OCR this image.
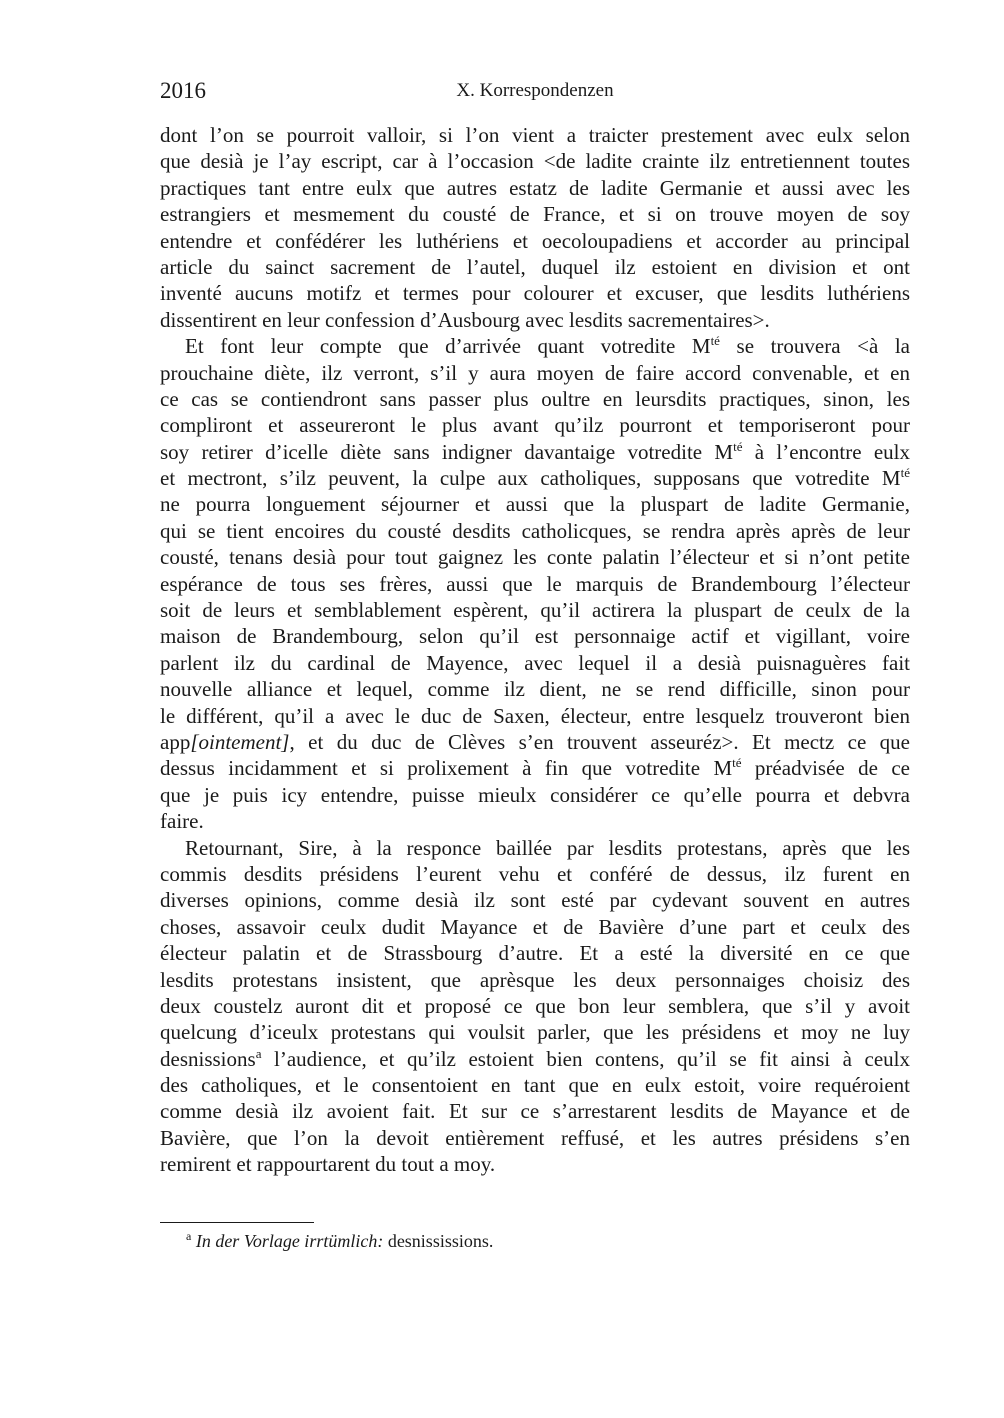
2016	X. Korrespondenzen
dont l’on se pourroit valloir, si l’on vient a traicter prestement avec eulx selon
que desià je l’ay escript, car à l’occasion <de ladite crainte ilz entretiennent toutes
practiques tant entre eulx que autres estatz de ladite Germanie et aussi avec les
estrangiers et mesmement du cousté de France, et si on trouve moyen de soy
entendre et confédérer les luthériens et oecoloupadiens et accorder au principal
article du sainct sacrement de l’autel, duquel ilz estoient en division et ont
inventé aucuns motifz et termes pour colourer et excuser, que lesdits luthériens
dissentirent en leur confession d’Ausbourg avec lesdits sacrementaires>.
Et font leur compte que d’arrivée quant votredite $M^{té}$ se trouvera <à la
prouchaine diète, ilz verront, s’il y aura moyen de faire accord convenable, et en
ce cas se contiendront sans passer plus oultre en leursdits practiques, sinon, les
compliront et asseureront le plus avant qu’ilz pourront et temporiseront pour
soy retirer d’icelle diète sans indigner davantaige votredite $M^{té}$ à l’encontre eulx
et mectront, s’ilz peuvent, la culpe aux catholiques, supposans que votredite $M^{té}$
ne pourra longuement séjourner et aussi que la pluspart de ladite Germanie,
qui se tient encoires du cousté desdits catholicques, se rendra après après de leur
cousté, tenans desià pour tout gaignez les conte palatin l’électeur et si n’ont petite
espérance de tous ses frères, aussi que le marquis de Brandembourg l’électeur
soit de leurs et semblablement espèrent, qu’il actirera la pluspart de ceulx de la
maison de Brandembourg, selon qu’il est personnaige actif et vigillant, voire
parlent ilz du cardinal de Mayence, avec lequel il a desià puisnaguères fait
nouvelle alliance et lequel, comme ilz dient, ne se rend difficille, sinon pour
le différent, qu’il a avec le duc de Saxen, électeur, entre lesquelz trouveront bien
app[ointement], et du duc de Clèves s’en trouvent asseuréz>. Et mectz ce que
dessus incidamment et si prolixement à fin que votredite $M^{té}$ préadvisée de ce
que je puis icy entendre, puisse mieulx considérer ce qu’elle pourra et debvra
faire.
Retournant, Sire, à la responce baillée par lesdits protestans, après que les
commis desdits présidens l’eurent vehu et conféré de dessus, ilz furent en
diverses opinions, comme desià ilz sont esté par cydevant souvent en autres
choses, assavoir ceulx dudit Mayance et de Bavière d’une part et ceulx des
électeur palatin et de Strassbourg d’autre. Et a esté la diversité en ce que
lesdits protestans insistent, que aprèsque les deux personnaiges choisiz des
deux coustelz auront dit et proposé ce que bon leur semblera, que s’il y avoit
quelcung d’iceulx protestans qui voulsit parler, que les présidens et moy ne luy
desnissions$^a$ l’audience, et qu’ilz estoient bien contens, qu’il se fit ainsi à ceulx
des catholiques, et le consentoient en tant que en eulx estoit, voire requéroient
comme desià ilz avoient fait. Et sur ce s’arrestarent lesdits de Mayance et de
Bavière, que l’on la devoit entièrement reffusé, et les autres présidens s’en
remirent et rappourtarent du tout a moy.
$^a$ In der Vorlage irrtümlich: desnississions.
